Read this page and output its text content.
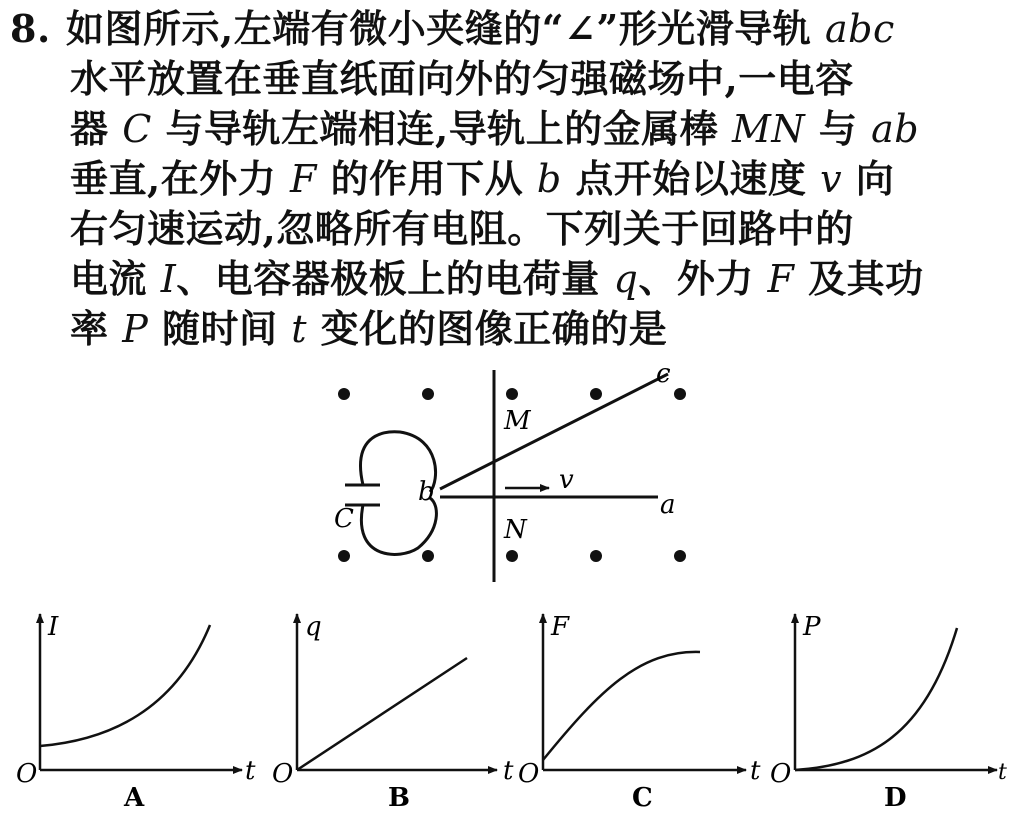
8. 如图所示,左端有微小夹缝的“∠”形光滑导轨 abc
水平放置在垂直纸面向外的匀强磁场中,一电容
器 C 与导轨左端相连,导轨上的金属棒 MN 与 ab
垂直,在外力 F 的作用下从 b 点开始以速度 v 向
右匀速运动,忽略所有电阻。下列关于回路中的
电流 I、电容器极板上的电荷量 q、外力 F 及其功
率 P 随时间 t 变化的图像正确的是
c
M
b	v
a
C	N
I
O	t
A
q
O	t
B
F
O	t
C
P
O	t
D
